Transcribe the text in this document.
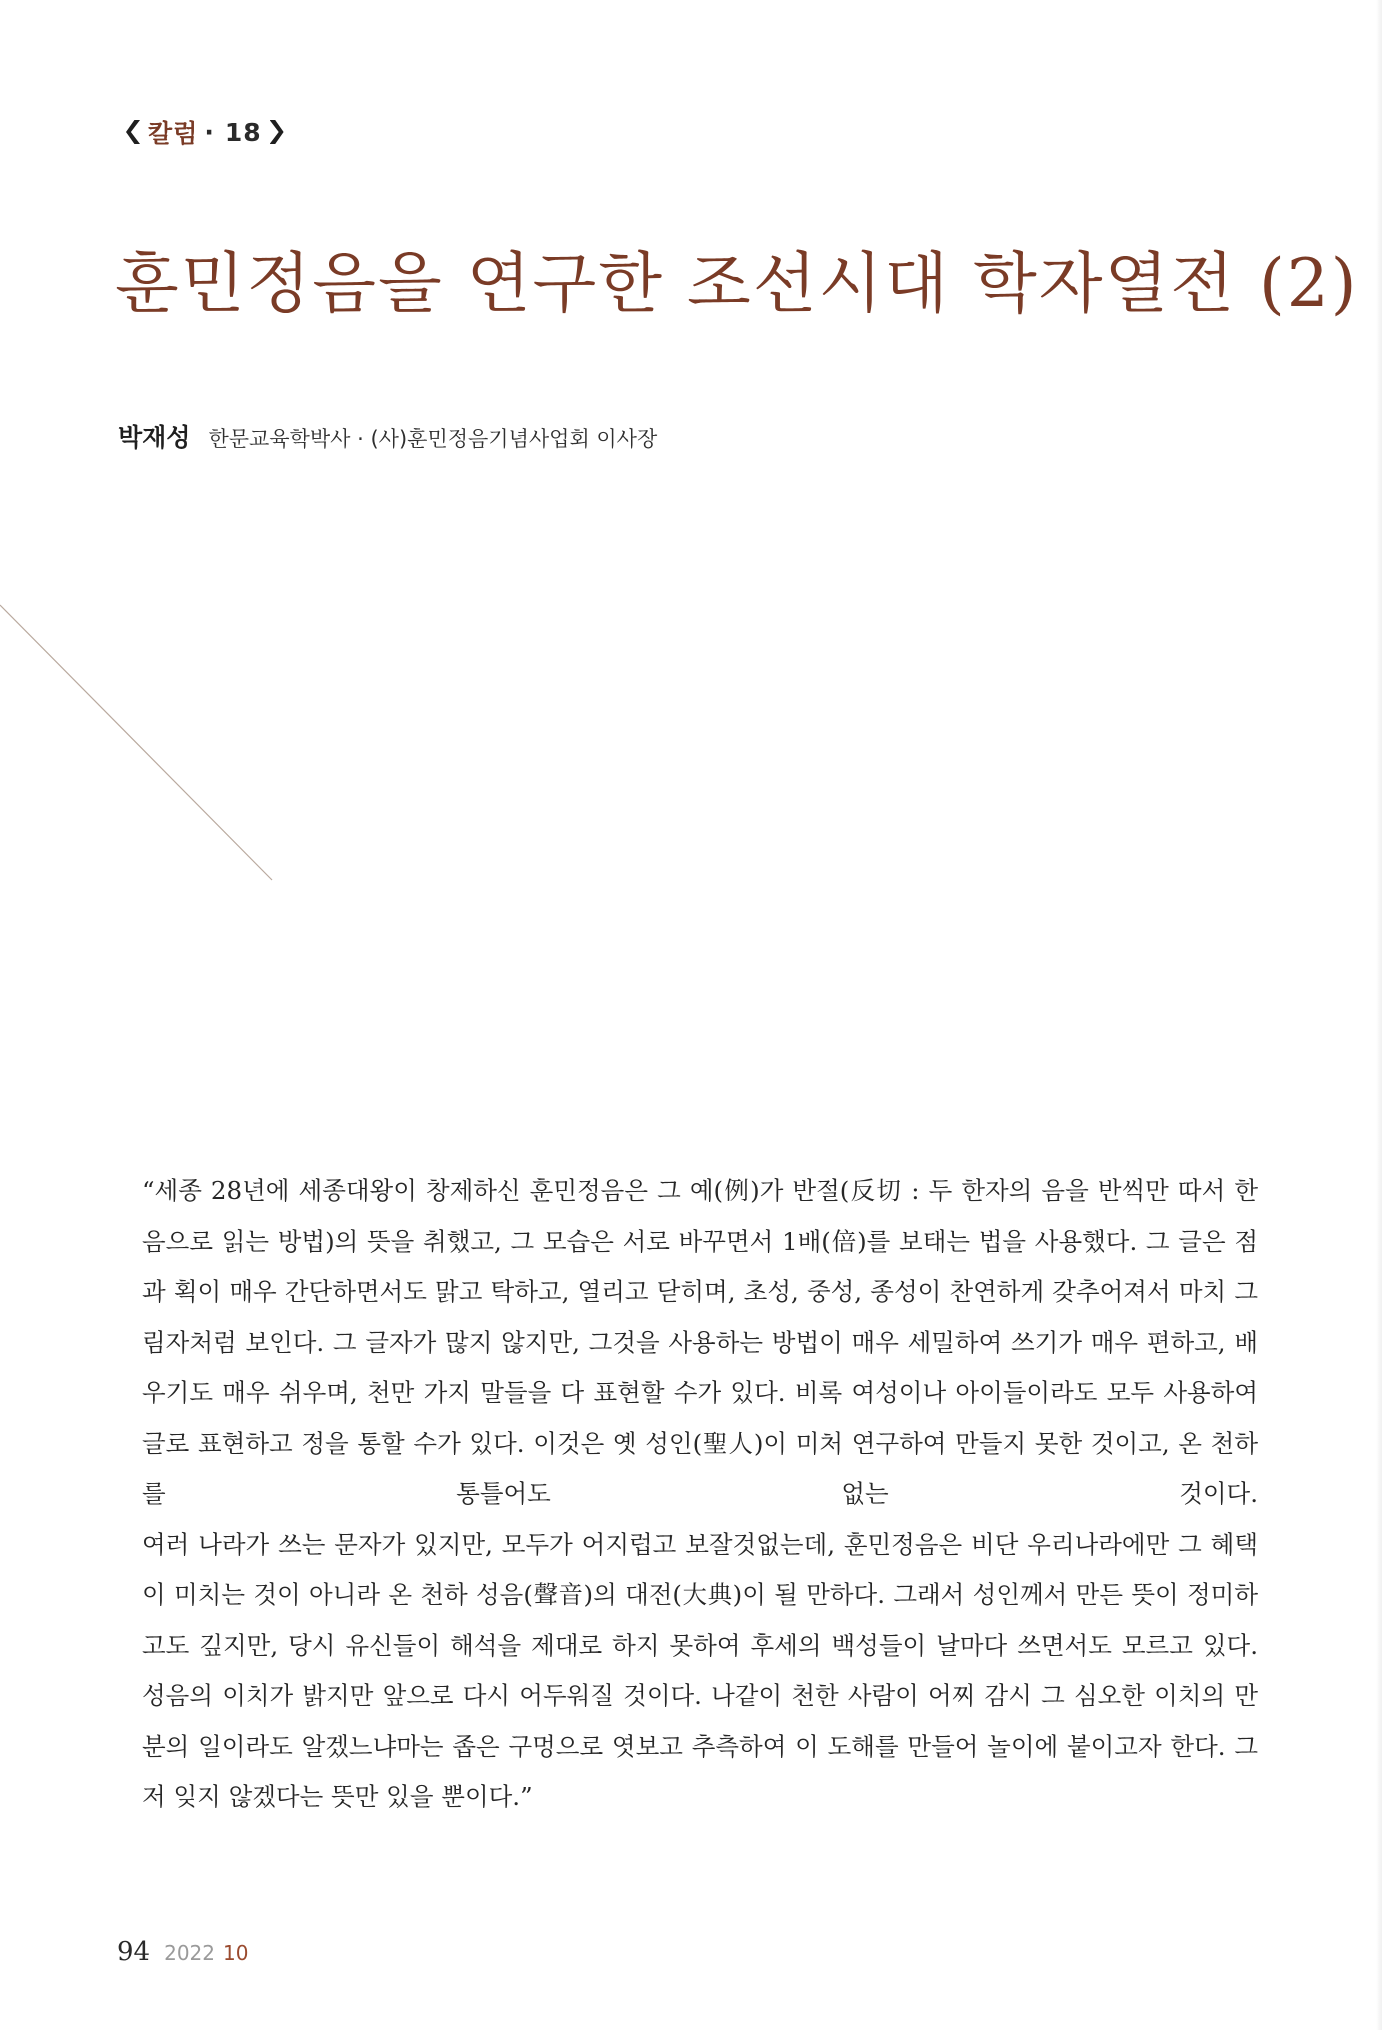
칼럼 · 18
훈민정음을 연구한 조선시대 학자열전 (2)
박재성 한문교육학박사 · (사)훈민정음기념사업회 이사장

“세종 28년에 세종대왕이 창제하신 훈민정음은 그 예(例)가 반절(反切 : 두 한자의 음을 반씩만 따서 한 음으로 읽는 방법)의 뜻을 취했고, 그 모습은 서로 바꾸면서 1배(倍)를 보태는 법을 사용했다. 그 글은 점과 획이 매우 간단하면서도 맑고 탁하고, 열리고 닫히며, 초성, 중성, 종성이 찬연하게 갖추어져서 마치 그림자처럼 보인다. 그 글자가 많지 않지만, 그것을 사용하는 방법이 매우 세밀하여 쓰기가 매우 편하고, 배우기도 매우 쉬우며, 천만 가지 말들을 다 표현할 수가 있다. 비록 여성이나 아이들이라도 모두 사용하여 글로 표현하고 정을 통할 수가 있다. 이것은 옛 성인(聖人)이 미처 연구하여 만들지 못한 것이고, 온 천하를 통틀어도 없는 것이다.

여러 나라가 쓰는 문자가 있지만, 모두가 어지럽고 보잘것없는데, 훈민정음은 비단 우리나라에만 그 혜택이 미치는 것이 아니라 온 천하 성음(聲音)의 대전(大典)이 될 만하다. 그래서 성인께서 만든 뜻이 정미하고도 깊지만, 당시 유신들이 해석을 제대로 하지 못하여 후세의 백성들이 날마다 쓰면서도 모르고 있다. 성음의 이치가 밝지만 앞으로 다시 어두워질 것이다. 나같이 천한 사람이 어찌 감시 그 심오한 이치의 만분의 일이라도 알겠느냐마는 좁은 구멍으로 엿보고 추측하여 이 도해를 만들어 놀이에 붙이고자 한다. 그저 잊지 않겠다는 뜻만 있을 뿐이다.”

94 2022 10
